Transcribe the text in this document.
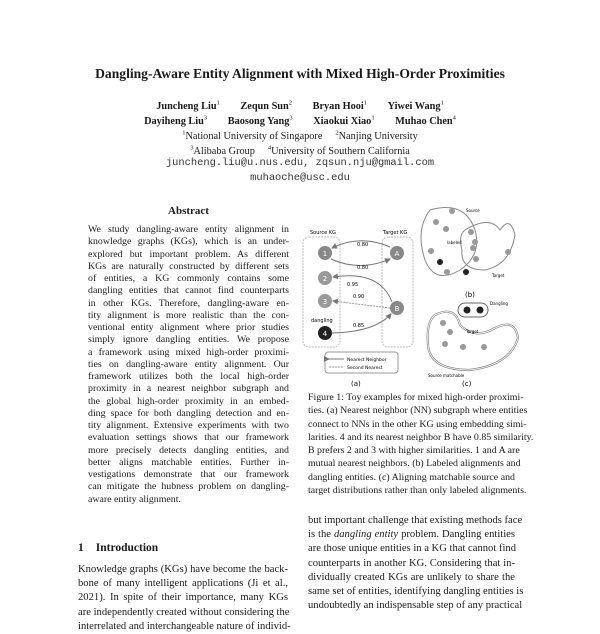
Dangling-Aware Entity Alignment with Mixed High-Order Proximities
Juncheng Liu$^1$ Zequn Sun$^2$ Bryan Hooi$^1$ Yiwei Wang$^1$
Dayiheng Liu$^3$ Baosong Yang$^3$ Xiaokui Xiao$^1$ Muhao Chen$^4$
$^1$National University of Singapore $^2$Nanjing University
$^3$Alibaba Group $^4$University of Southern California
juncheng.liu@u.nus.edu, zqsun.nju@gmail.com
muhaoche@usc.edu
Abstract
We study dangling-aware entity alignment in
knowledge graphs (KGs), which is an under-
explored but important problem. As different
KGs are naturally constructed by different sets
of entities, a KG commonly contains some
dangling entities that cannot find counterparts
in other KGs. Therefore, dangling-aware en-
tity alignment is more realistic than the con-
ventional entity alignment where prior studies
simply ignore dangling entities. We propose
a framework using mixed high-order proximi-
ties on dangling-aware entity alignment. Our
framework utilizes both the local high-order
proximity in a nearest neighbor subgraph and
the global high-order proximity in an embed-
ding space for both dangling detection and en-
tity alignment. Extensive experiments with two
evaluation settings shows that our framework
more precisely detects dangling entities, and
better aligns matchable entities. Further in-
vestigations demonstrate that our framework
can mitigate the hubness problem on dangling-
aware entity alignment.
1 Introduction
Knowledge graphs (KGs) have become the back-
bone of many intelligent applications (Ji et al.,
2021). In spite of their importance, many KGs
are independently created without considering the
interrelated and interchangeable nature of individ-
Source KG	Target KG
0.80
0.80
0.95
0.90
0.85
1
2
3
4
A
B
dangling
Nearest Neighbor
Second Nearest
(a)
Source
labeled
Target
(b)
Dangling
Target
Source matchable
(c)
Figure 1: Toy examples for mixed high-order proximi-
ties. (a) Nearest neighbor (NN) subgraph where entities
connect to NNs in the other KG using embedding simi-
larities. 4 and its nearest neighbor B have 0.85 similarity.
B prefers 2 and 3 with higher similarities. 1 and A are
mutual nearest neighbors. (b) Labeled alignments and
dangling entities. (c) Aligning matchable source and
target distributions rather than only labeled alignments.
but important challenge that existing methods face
is the dangling entity problem. Dangling entities
are those unique entities in a KG that cannot find
counterparts in another KG. Considering that in-
dividually created KGs are unlikely to share the
same set of entities, identifying dangling entities is
undoubtedly an indispensable step of any practical
